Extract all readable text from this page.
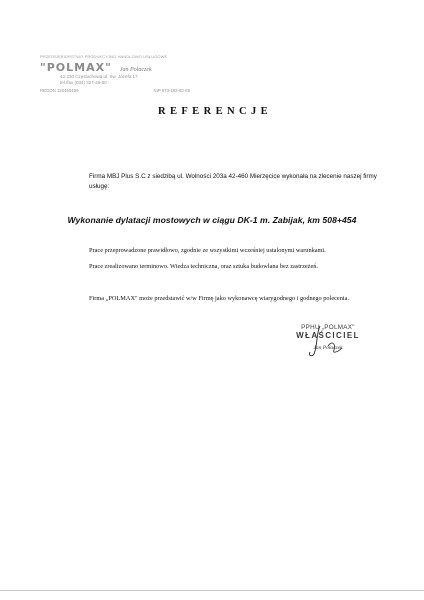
PRZEDSIĘBIORSTWO PRODUKCYJNO HANDLOWO USŁUGOWE
"POLMAX" Jan Połaczek
42-230 Częstochowa ul. Św. Józefa 17
tel./fax (034) 327-45-50
REGON 150460469	NIP 573-103-60-69
REFERENCJE
Firma MBJ Plus S.C z siedzibą ul. Wolności 203a 42-460 Mierzęcice wykonała na zlecenie naszej firmy usługę:
Wykonanie dylatacji mostowych w ciągu DK-1 m. Zabijak, km 508+454
Prace przeprowadzone prawidłowo, zgodnie ze wszystkimi wcześniej ustalonymi warunkami.
Prace zrealizowano terminowo. Wiedza techniczna, oraz sztuka budowlana bez zastrzeżeń.
Firma „POLMAX" może przedstawić w/w Firmę jako wykonawcę wiarygodnego i godnego polecenia.
PPHU „POLMAX"
WŁAŚCICIEL
Jan Połaczek
